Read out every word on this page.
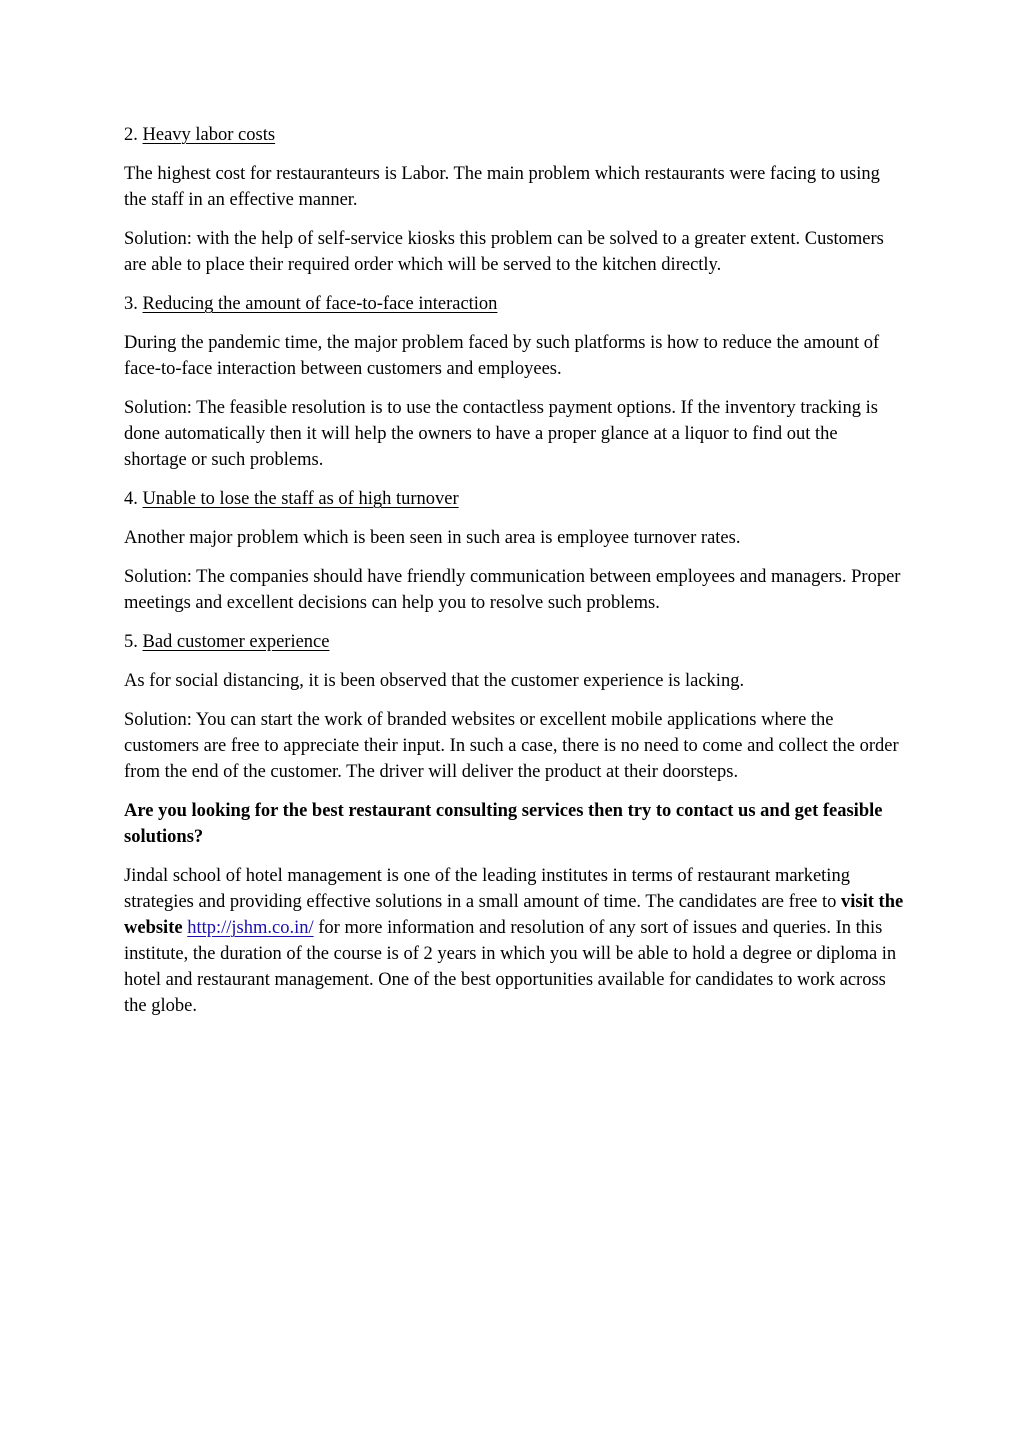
2. Heavy labor costs

The highest cost for restauranteurs is Labor. The main problem which restaurants were facing to using the staff in an effective manner.

Solution: with the help of self-service kiosks this problem can be solved to a greater extent. Customers are able to place their required order which will be served to the kitchen directly.

3. Reducing the amount of face-to-face interaction

During the pandemic time, the major problem faced by such platforms is how to reduce the amount of face-to-face interaction between customers and employees.

Solution: The feasible resolution is to use the contactless payment options. If the inventory tracking is done automatically then it will help the owners to have a proper glance at a liquor to find out the shortage or such problems.

4. Unable to lose the staff as of high turnover

Another major problem which is been seen in such area is employee turnover rates.

Solution: The companies should have friendly communication between employees and managers. Proper meetings and excellent decisions can help you to resolve such problems.

5. Bad customer experience

As for social distancing, it is been observed that the customer experience is lacking.

Solution: You can start the work of branded websites or excellent mobile applications where the customers are free to appreciate their input. In such a case, there is no need to come and collect the order from the end of the customer. The driver will deliver the product at their doorsteps.

Are you looking for the best restaurant consulting services then try to contact us and get feasible solutions?

Jindal school of hotel management is one of the leading institutes in terms of restaurant marketing strategies and providing effective solutions in a small amount of time. The candidates are free to visit the website http://jshm.co.in/ for more information and resolution of any sort of issues and queries. In this institute, the duration of the course is of 2 years in which you will be able to hold a degree or diploma in hotel and restaurant management. One of the best opportunities available for candidates to work across the globe.
